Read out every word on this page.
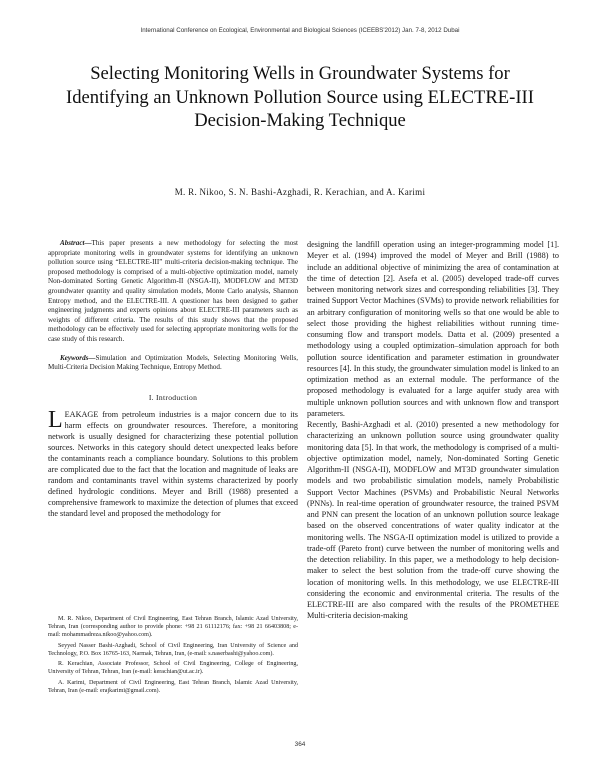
International Conference on Ecological, Environmental and Biological Sciences (ICEEBS'2012) Jan. 7-8, 2012 Dubai
Selecting Monitoring Wells in Groundwater Systems for Identifying an Unknown Pollution Source using ELECTRE-III Decision-Making Technique
M. R. Nikoo, S. N. Bashi-Azghadi, R. Kerachian, and A. Karimi

Abstract—This paper presents a new methodology for selecting the most appropriate monitoring wells in groundwater systems for identifying an unknown pollution source using “ELECTRE-III” multi-criteria decision-making technique. The proposed methodology is comprised of a multi-objective optimization model, namely Non-dominated Sorting Genetic Algorithm-II (NSGA-II), MODFLOW and MT3D groundwater quantity and quality simulation models, Monte Carlo analysis, Shannon Entropy method, and the ELECTRE-III. A questioner has been designed to gather engineering judgments and experts opinions about ELECTRE-III parameters such as weights of different criteria. The results of this study shows that the proposed methodology can be effectively used for selecting appropriate monitoring wells for the case study of this research.

Keywords—Simulation and Optimization Models, Selecting Monitoring Wells, Multi-Criteria Decision Making Technique, Entropy Method.

I. Introduction

LEAKAGE from petroleum industries is a major concern due to its harm effects on groundwater resources. Therefore, a monitoring network is usually designed for characterizing these potential pollution sources. Networks in this category should detect unexpected leaks before the contaminants reach a compliance boundary. Solutions to this problem are complicated due to the fact that the location and magnitude of leaks are random and contaminants travel within systems characterized by poorly defined hydrologic conditions. Meyer and Brill (1988) presented a comprehensive framework to maximize the detection of plumes that exceed the standard level and proposed the methodology for

M. R. Nikoo, Department of Civil Engineering, East Tehran Branch, Islamic Azad University, Tehran, Iran (corresponding author to provide phone: +98 21 61112176; fax: +98 21 66403808; e-mail: mohammadreza.nikoo@yahoo.com).

Seyyed Nasser Bashi-Azghadi, School of Civil Engineering, Iran University of Science and Technology, P.O. Box 16765-163, Narmak, Tehran, Iran, (e-mail: s.naserbashi@yahoo.com).

R. Kerachian, Associate Professor, School of Civil Engineering, College of Engineering, University of Tehran, Tehran, Iran (e-mail: kerachian@ut.ac.ir).

A. Karimi, Department of Civil Engineering, East Tehran Branch, Islamic Azad University, Tehran, Iran (e-mail: erajkarimi@gmail.com).

designing the landfill operation using an integer-programming model [1]. Meyer et al. (1994) improved the model of Meyer and Brill (1988) to include an additional objective of minimizing the area of contamination at the time of detection [2]. Asefa et al. (2005) developed trade-off curves between monitoring network sizes and corresponding reliabilities [3]. They trained Support Vector Machines (SVMs) to provide network reliabilities for an arbitrary configuration of monitoring wells so that one would be able to select those providing the highest reliabilities without running time-consuming flow and transport models. Datta et al. (2009) presented a methodology using a coupled optimization–simulation approach for both pollution source identification and parameter estimation in groundwater resources [4]. In this study, the groundwater simulation model is linked to an optimization method as an external module. The performance of the proposed methodology is evaluated for a large aquifer study area with multiple unknown pollution sources and with unknown flow and transport parameters.

Recently, Bashi-Azghadi et al. (2010) presented a new methodology for characterizing an unknown pollution source using groundwater quality monitoring data [5]. In that work, the methodology is comprised of a multi-objective optimization model, namely, Non-dominated Sorting Genetic Algorithm-II (NSGA-II), MODFLOW and MT3D groundwater simulation models and two probabilistic simulation models, namely Probabilistic Support Vector Machines (PSVMs) and Probabilistic Neural Networks (PNNs). In real-time operation of groundwater resource, the trained PSVM and PNN can present the location of an unknown pollution source leakage based on the observed concentrations of water quality indicator at the monitoring wells. The NSGA-II optimization model is utilized to provide a trade-off (Pareto front) curve between the number of monitoring wells and the detection reliability. In this paper, we a methodology to help decision-maker to select the best solution from the trade-off curve showing the location of monitoring wells. In this methodology, we use ELECTRE-III considering the economic and environmental criteria. The results of the ELECTRE-III are also compared with the results of the PROMETHEE Multi-criteria decision-making

364
